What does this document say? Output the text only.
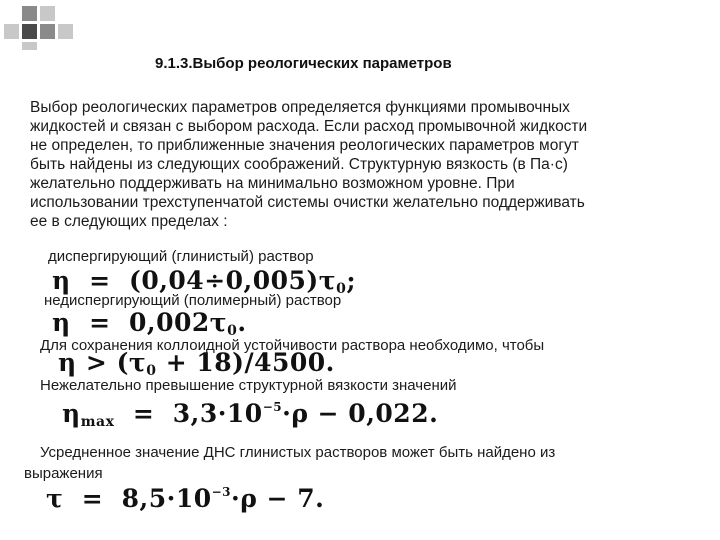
9.1.3.Выбор реологических параметров
Выбор реологических параметров определяется функциями промывочных
жидкостей и связан с выбором расхода. Если расход промывочной жидкости
не определен, то приближенные значения реологических параметров могут
быть найдены из следующих соображений. Структурную вязкость (в Па·с)
желательно поддерживать на минимально возможном уровне. При
использовании трехступенчатой системы очистки желательно поддерживать
ее в следующих пределах :
диспергирующий (глинистый) раствор
$\eta = (0,04\div 0,005)\tau_0$;
недиспергирующий (полимерный) раствор
$\eta = 0,002\tau_0$.
Для сохранения коллоидной устойчивости раствора необходимо, чтобы
$\eta > (\tau_0 + 18)/4500$.
Нежелательно превышение структурной вязкости значений
$\eta_{max} = 3,3\cdot 10^{-5}\cdot\rho - 0,022$.
Усредненное значение ДНС глинистых растворов может быть найдено из
выражения
$\tau = 8,5\cdot 10^{-3}\cdot\rho - 7$.
